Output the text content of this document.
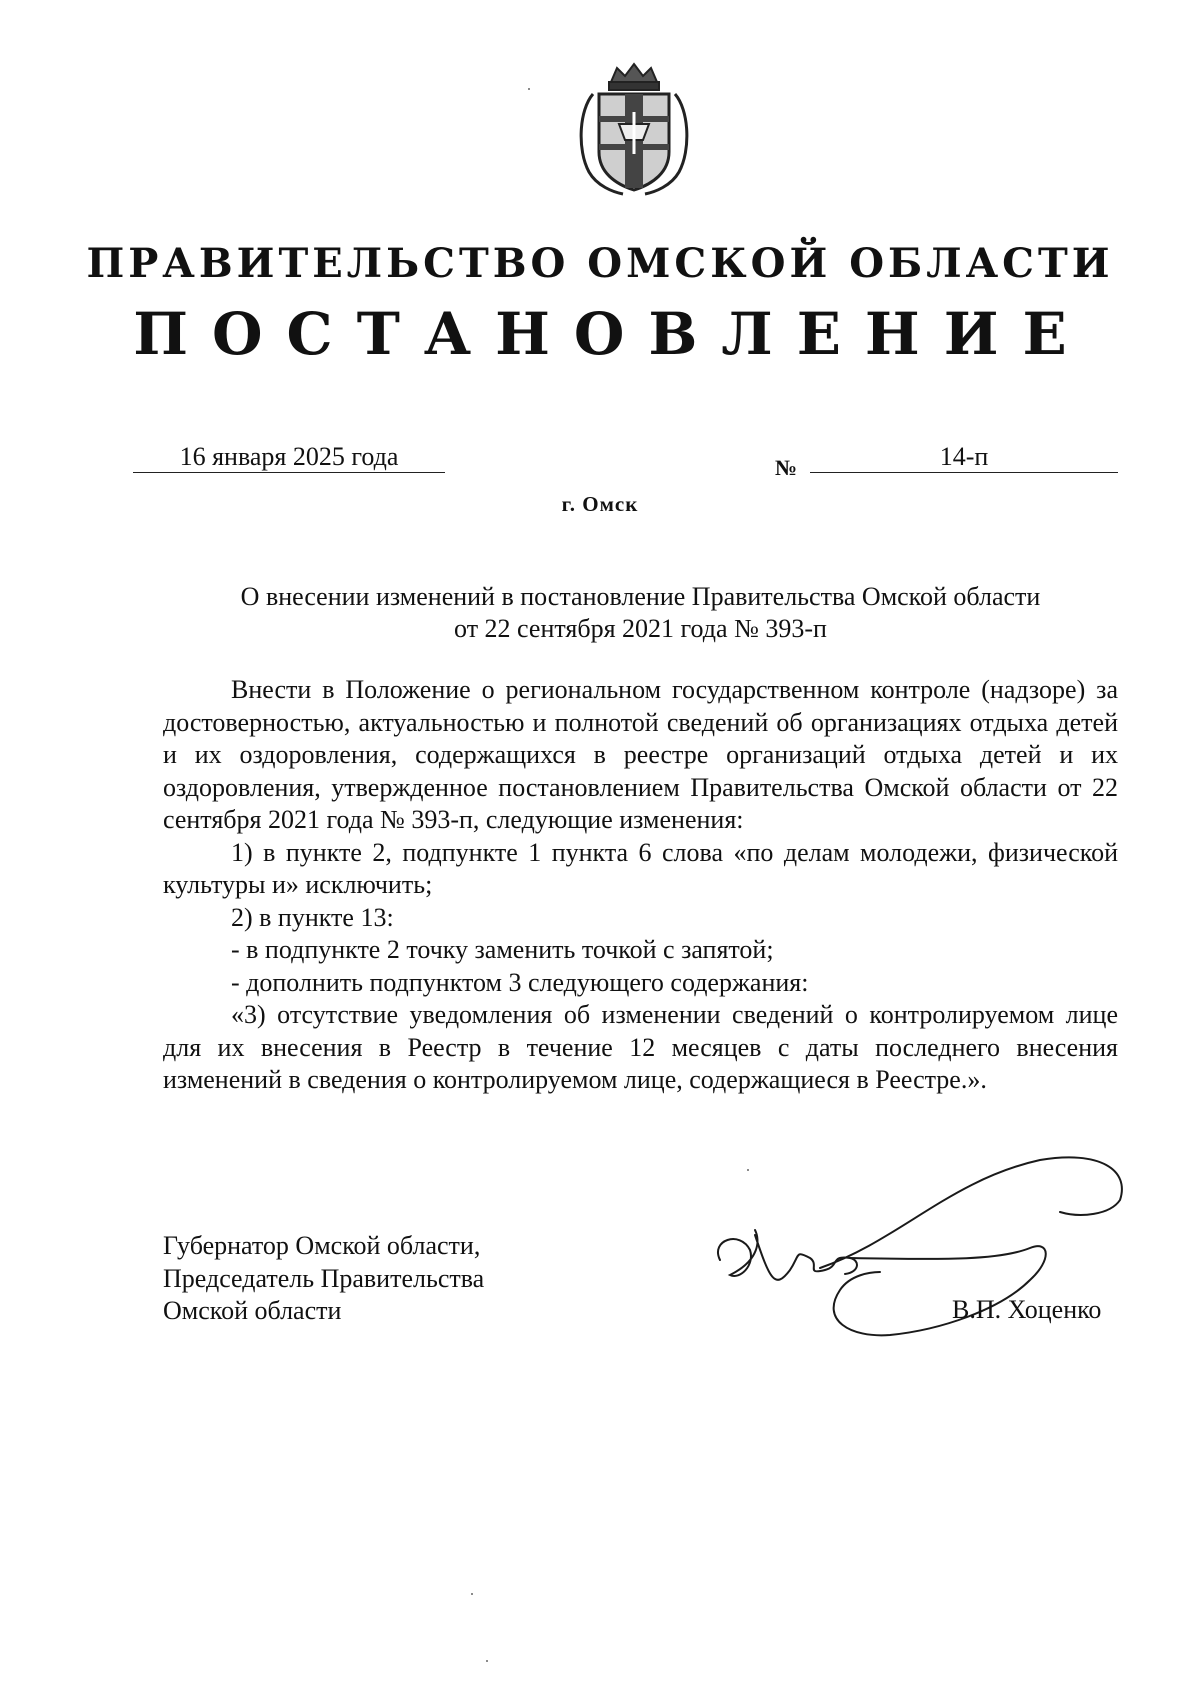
ПРАВИТЕЛЬСТВО ОМСКОЙ ОБЛАСТИ
ПОСТАНОВЛЕНИЕ
16 января 2025 года	№	14-п
г. Омск
О внесении изменений в постановление Правительства Омской области
от 22 сентября 2021 года № 393-п

Внести в Положение о региональном государственном контроле (надзоре) за достоверностью, актуальностью и полнотой сведений об организациях отдыха детей и их оздоровления, содержащихся в реестре организаций отдыха детей и их оздоровления, утвержденное постановлением Правительства Омской области от 22 сентября 2021 года № 393-п, следующие изменения:

1) в пункте 2, подпункте 1 пункта 6 слова «по делам молодежи, физической культуры и» исключить;

2) в пункте 13:

- в подпункте 2 точку заменить точкой с запятой;

- дополнить подпунктом 3 следующего содержания:

«3) отсутствие уведомления об изменении сведений о контролируемом лице для их внесения в Реестр в течение 12 месяцев с даты последнего внесения изменений в сведения о контролируемом лице, содержащиеся в Реестре.».

Губернатор Омской области,
Председатель Правительства
Омской области	В.П. Хоценко
